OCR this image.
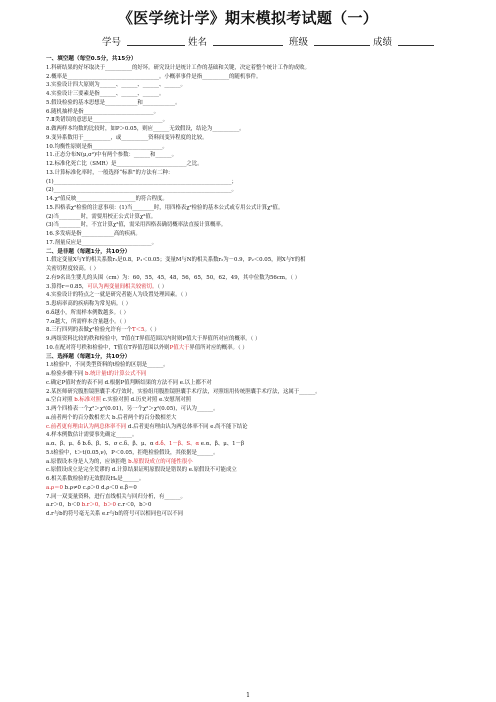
《医学统计学》期末模拟考试题（一）
学号	姓名	班级	成绩
一、填空题（每空0.5分，共15分）
1.科研结果的好坏取决于__________的好坏。研究设计是统计工作的基础和关键，决定着整个统计工作的成败。
2.概率是__________________________________。小概率事件是指__________的随机事件。
3.实验设计四大原则为______、______、______、______。
4.实验设计三要素是指______、______、______。
5.假设检验的基本思想是____________和____________。
6.随机抽样是指__________________________。
7.Ⅱ类错误的意思是__________________________。
8.做两样本均数的比较时，如P＞0.05，则应______无效假设，结论为__________。
9.变异系数用于__________，或__________资料间变异程度的比较。
10.均衡性原则是指__________________________。
11.正态分布N(μ,σ²)中有两个参数：______和______。
12.标准化死亡比（SMR）是__________________________之比。
13.计算标准化率时，一般选择“标准”的方法有二种：
(1)__________________________________________________________________；
(2)__________________________________________________________________。
14.χ²值反映______________________的符合程度。
15.四格表χ²检验的注意事项：(1)当________时，用四格表χ²检验的基本公式或专用公式计算χ²值。
(2)当________时，需要用校正公式计算χ²值。
(3)当________时，不宜计算χ²值，需采用四格表确切概率法直接计算概率。
16.多发病是指____________高的疾病。
17.剂量反应是__________________________。
二、是非题（每题1分，共10分）
1.假定变量X与Y的相关系数r₁是0.8，P₁＜0.05；变量M与N的相关系数r₂为－0.9，P₂＜0.05，则X与Y的相
关密切程度较高。（ ）
2.有9名出生婴儿的头围（cm）为：60，55，45，48，56，65，50，62，49，其中位数为56cm。（ ）
3.算得r＝0.85，可认为两变量间相关较密切。（ ）
4.实验设计的特点之一就是研究者能人为设置处理因素。（ ）
5.患病率高的疾病称为常见病。（ ）
6.δ越小，所需样本例数越多。（ ）
7.α越大，所需样本含量越小。（ ）
8.三行四列的表做χ²检验允许有一个T＜5。（ ）
9.两组资料比较的秩和检验中，T值在T界值范围以内时则P值大于界值所对应的概率。（ ）
10.在配对符号秩和检验中，T值在T界值范围以外则P值大于界值所对应的概率。（ ）
三、选择题（每题1分，共10分）
1.t检验中，不同类型资料的t检验的区别是______。
a.检验步骤不同 b.统计量t的计算公式不同
c.确定P值时查的表不同 d.根据P值判断结果的方法不同 e.以上都不对
2.某医师研究腹腔镜胆囊手术疗效时，实验组用腹腔镜胆囊手术疗法，对照组用传统胆囊手术疗法，这属于______。
a.空白对照 b.标准对照 c.实验对照 d.历史对照 e.安慰剂对照
3.两个四格表一个χ²＞χ²(0.01)，另一个χ²＞χ²(0.05)，可认为______。
a.前者两个的百分数相差大 b.后者两个的百分数相差大
c.前者更有理由认为两总体率不同 d.后者更有理由认为两总体率不同 e.尚不能下结论
4.样本例数估计需要事先确定______。
a.α、β、μ、δ b.δ、β、S、σ c.δ、β、μ、α d.δ、1－β、S、α e.α、β、μ、1－β
5.t检验中，t＞t(0.05,ν)，P＜0.05，拒绝检验假设，其依据是______。
a.原假设本身是人为的，应该拒绝 b.原假设成立的可能性很小
c.原假设成立是完全荒谬的 d.计算结果证明原假设是错误的 e.原假设不可能成立
6.相关系数检验的无效假设H₀是______。
a.ρ＝0 b.ρ≠0 c.ρ＞0 d.ρ＜0 e.β＝0
7.同一双变量资料，进行直线相关与回归分析，有______。
a.r＞0，b＜0 b.r＞0，b＞0 c.r＜0，b＞0
d.r与b的符号毫无关系 e.r与b的符号可以相同也可以不同
1
